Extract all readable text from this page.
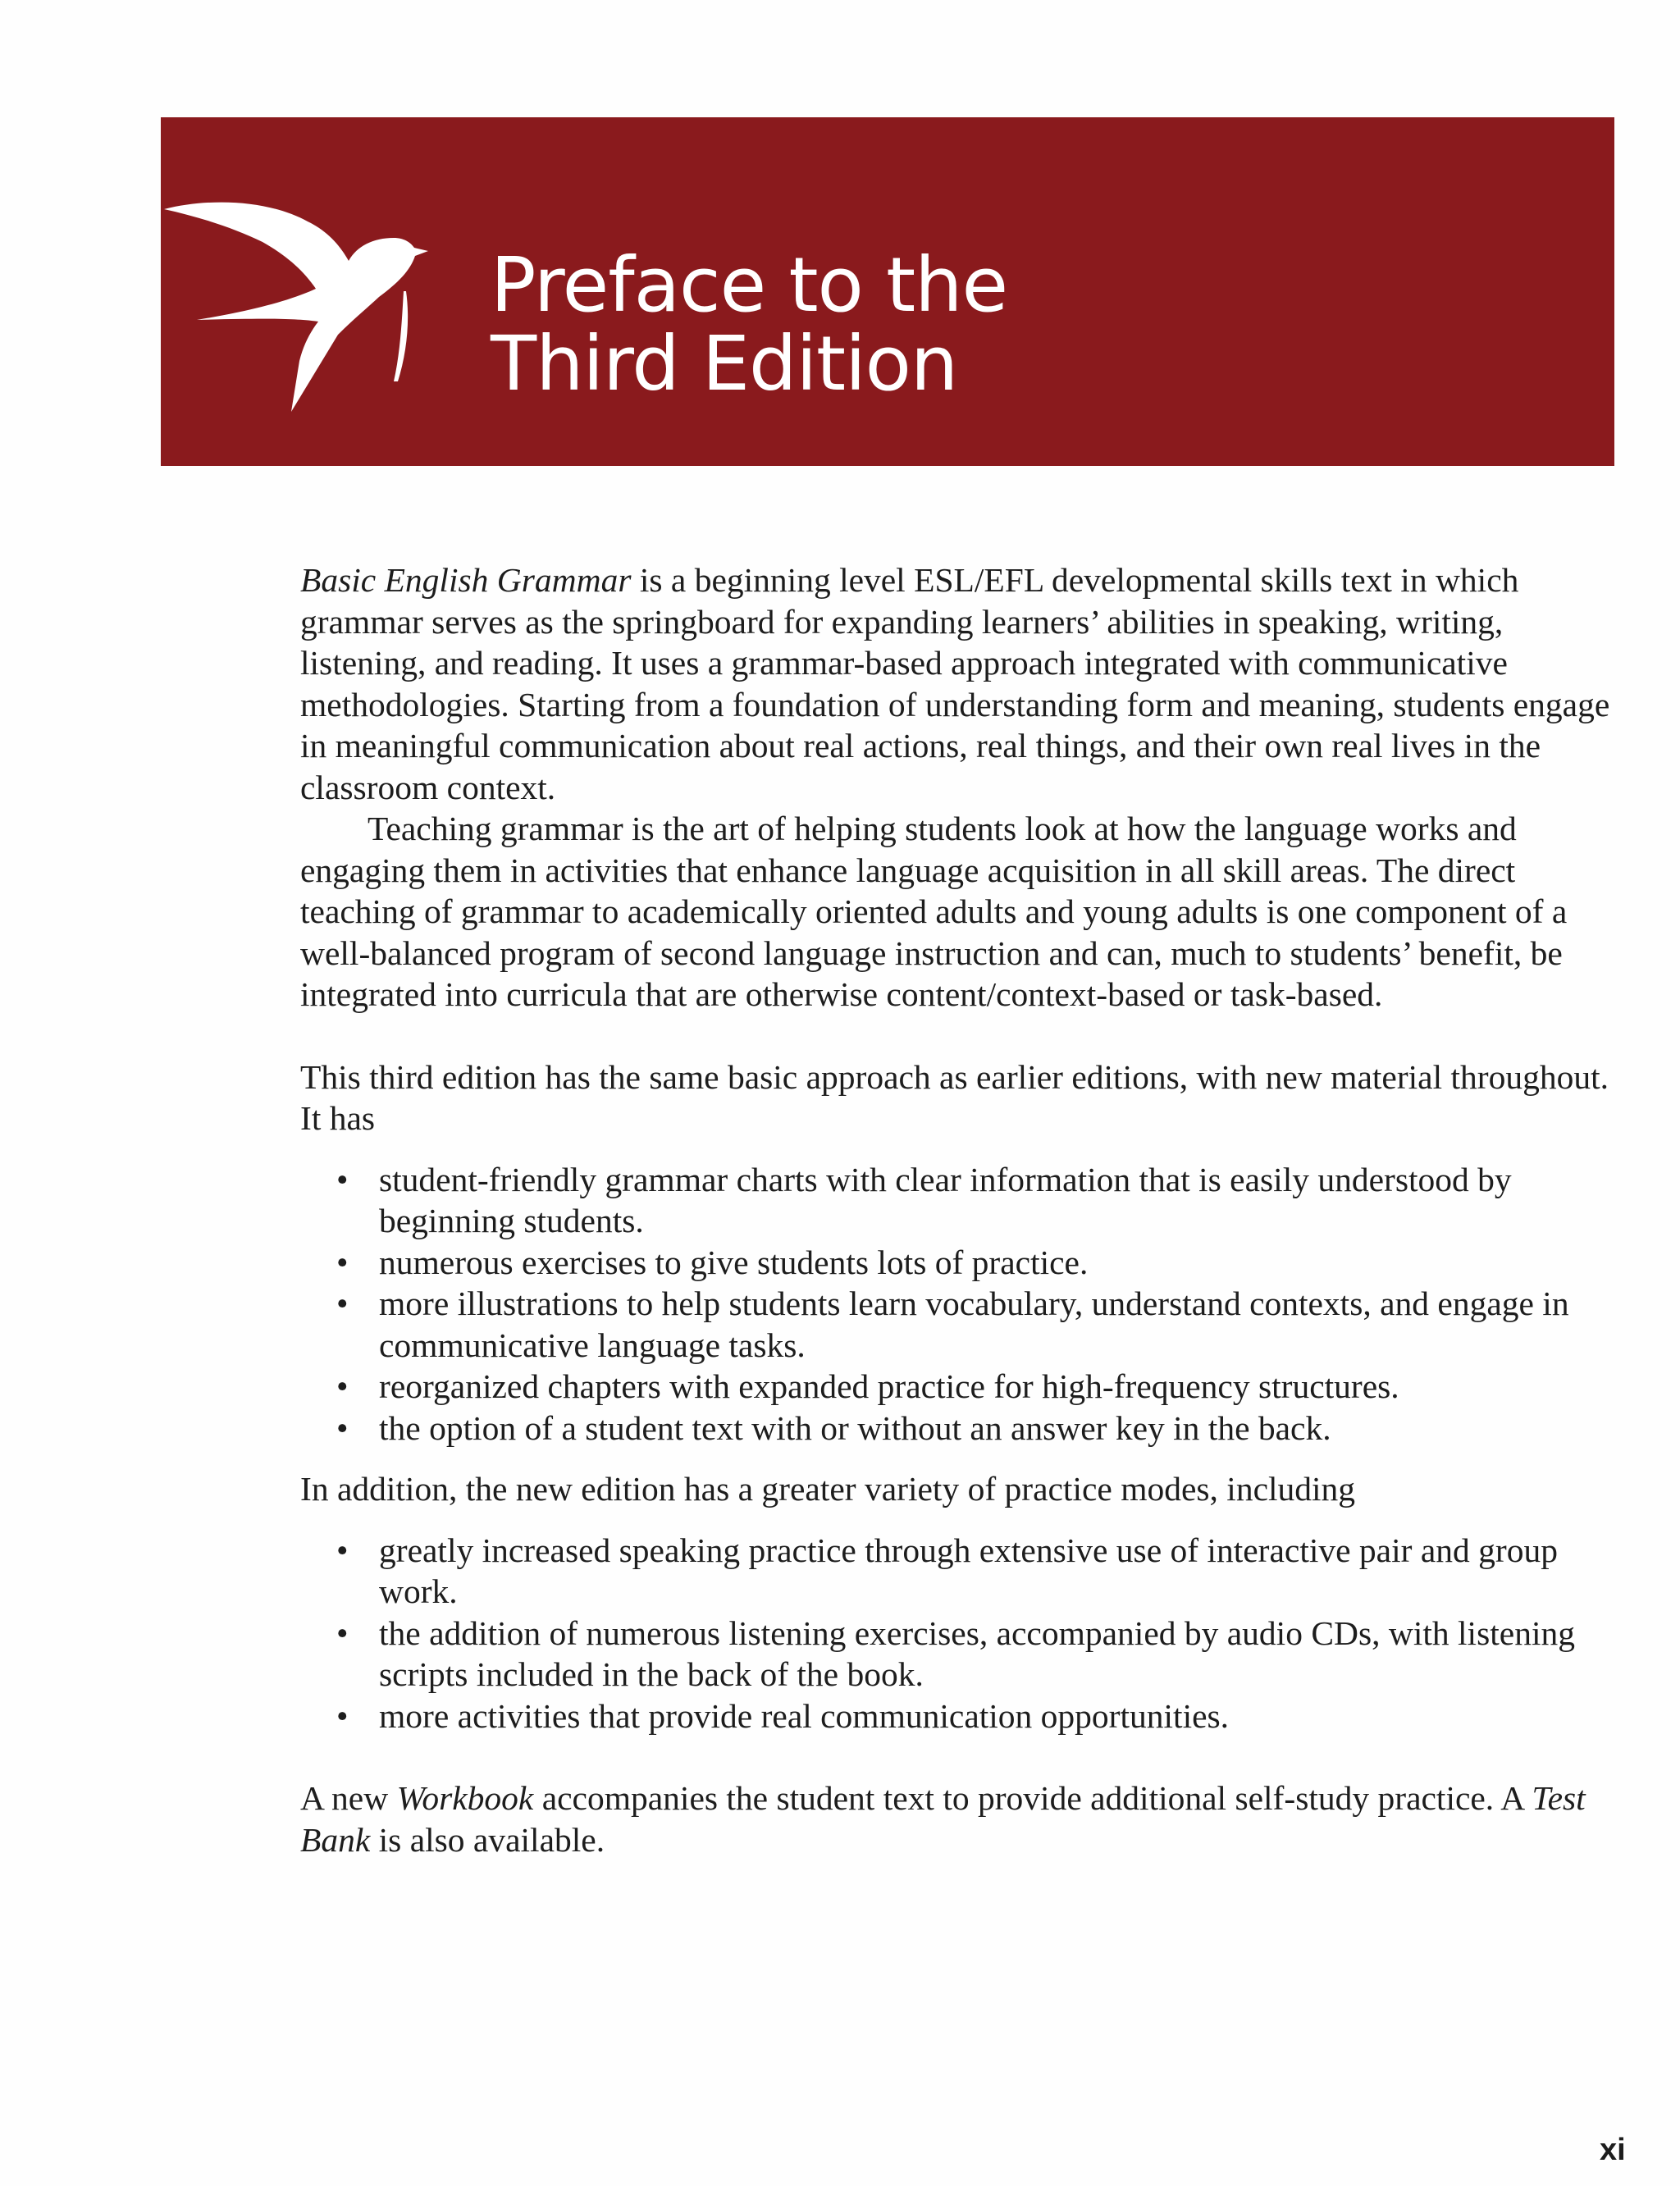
Preface to the
Third Edition

Basic English Grammar is a beginning level ESL/EFL developmental skills text in which grammar serves as the springboard for expanding learners’ abilities in speaking, writing, listening, and reading. It uses a grammar-based approach integrated with communicative methodologies. Starting from a foundation of understanding form and meaning, students engage in meaningful communication about real actions, real things, and their own real lives in the classroom context.

Teaching grammar is the art of helping students look at how the language works and engaging them in activities that enhance language acquisition in all skill areas. The direct teaching of grammar to academically oriented adults and young adults is one component of a well-balanced program of second language instruction and can, much to students’ benefit, be integrated into curricula that are otherwise content/context-based or task-based.

This third edition has the same basic approach as earlier editions, with new material throughout. It has

• student-friendly grammar charts with clear information that is easily understood by beginning students.
• numerous exercises to give students lots of practice.
• more illustrations to help students learn vocabulary, understand contexts, and engage in communicative language tasks.
• reorganized chapters with expanded practice for high-frequency structures.
• the option of a student text with or without an answer key in the back.

In addition, the new edition has a greater variety of practice modes, including

• greatly increased speaking practice through extensive use of interactive pair and group work.
• the addition of numerous listening exercises, accompanied by audio CDs, with listening scripts included in the back of the book.
• more activities that provide real communication opportunities.

A new Workbook accompanies the student text to provide additional self-study practice. A Test Bank is also available.

xi
